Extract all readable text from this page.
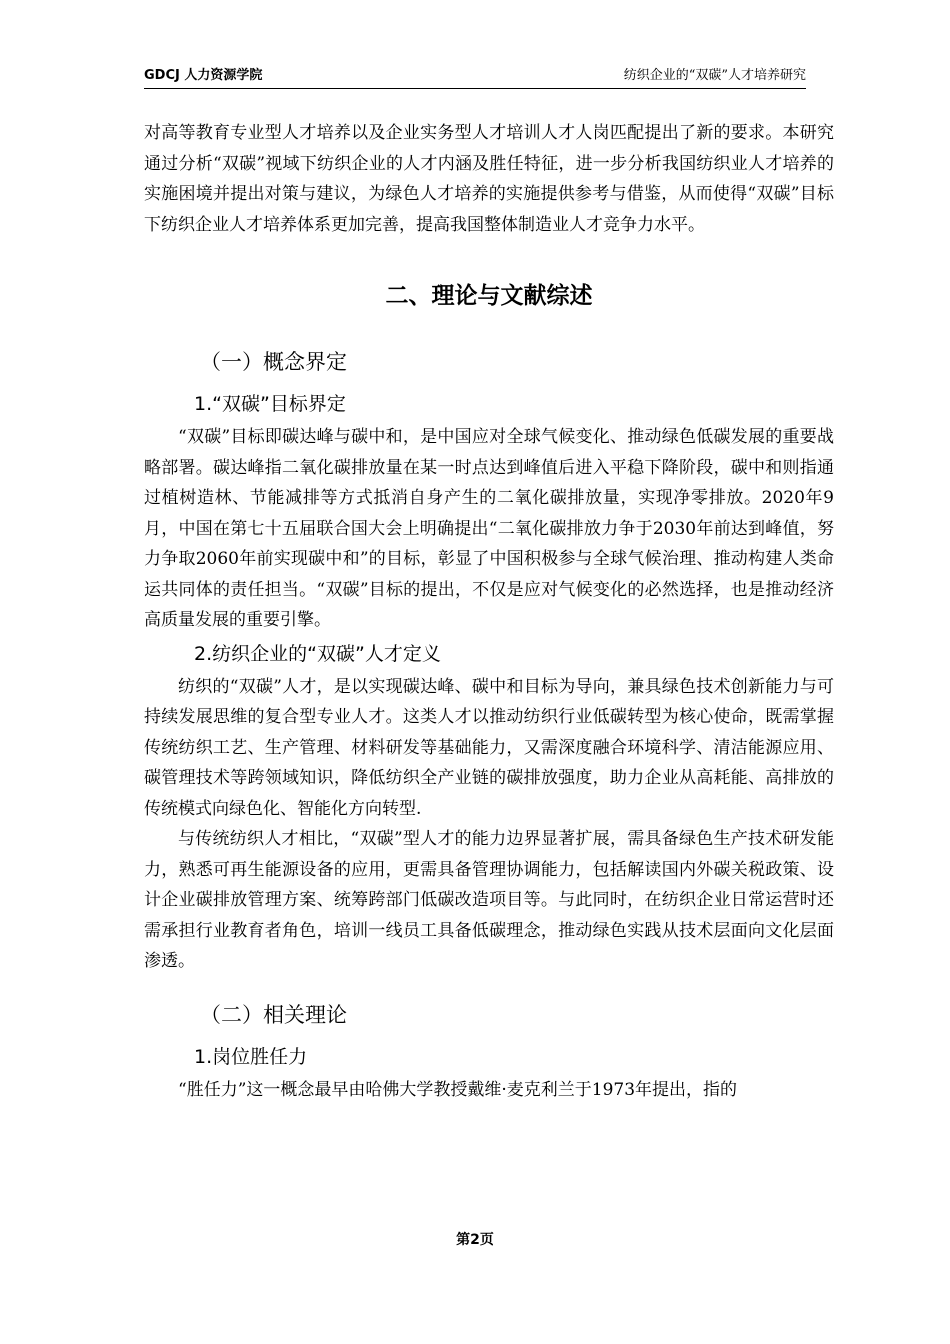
GDCJ 人力资源学院	纺织企业的“双碳”人才培养研究

对高等教育专业型人才培养以及企业实务型人才培训人才人岗匹配提出了新的要求。本研究通过分析“双碳”视域下纺织企业的人才内涵及胜任特征，进一步分析我国纺织业人才培养的实施困境并提出对策与建议，为绿色人才培养的实施提供参考与借鉴，从而使得“双碳”目标下纺织企业人才培养体系更加完善，提高我国整体制造业人才竞争力水平。

二、理论与文献综述
（一）概念界定
1.“双碳”目标界定

“双碳”目标即碳达峰与碳中和，是中国应对全球气候变化、推动绿色低碳发展的重要战略部署。碳达峰指二氧化碳排放量在某一时点达到峰值后进入平稳下降阶段，碳中和则指通过植树造林、节能减排等方式抵消自身产生的二氧化碳排放量，实现净零排放。2020年9月，中国在第七十五届联合国大会上明确提出“二氧化碳排放力争于2030年前达到峰值，努力争取2060年前实现碳中和”的目标，彰显了中国积极参与全球气候治理、推动构建人类命运共同体的责任担当。“双碳”目标的提出，不仅是应对气候变化的必然选择，也是推动经济高质量发展的重要引擎。

2.纺织企业的“双碳”人才定义

纺织的“双碳”人才，是以实现碳达峰、碳中和目标为导向，兼具绿色技术创新能力与可持续发展思维的复合型专业人才。这类人才以推动纺织行业低碳转型为核心使命，既需掌握传统纺织工艺、生产管理、材料研发等基础能力，又需深度融合环境科学、清洁能源应用、碳管理技术等跨领域知识，降低纺织全产业链的碳排放强度，助力企业从高耗能、高排放的传统模式向绿色化、智能化方向转型.

与传统纺织人才相比，“双碳”型人才的能力边界显著扩展，需具备绿色生产技术研发能力，熟悉可再生能源设备的应用，更需具备管理协调能力，包括解读国内外碳关税政策、设计企业碳排放管理方案、统筹跨部门低碳改造项目等。与此同时，在纺织企业日常运营时还需承担行业教育者角色，培训一线员工具备低碳理念，推动绿色实践从技术层面向文化层面渗透。

（二）相关理论
1.岗位胜任力

“胜任力”这一概念最早由哈佛大学教授戴维·麦克利兰于1973年提出，指的

第2页
